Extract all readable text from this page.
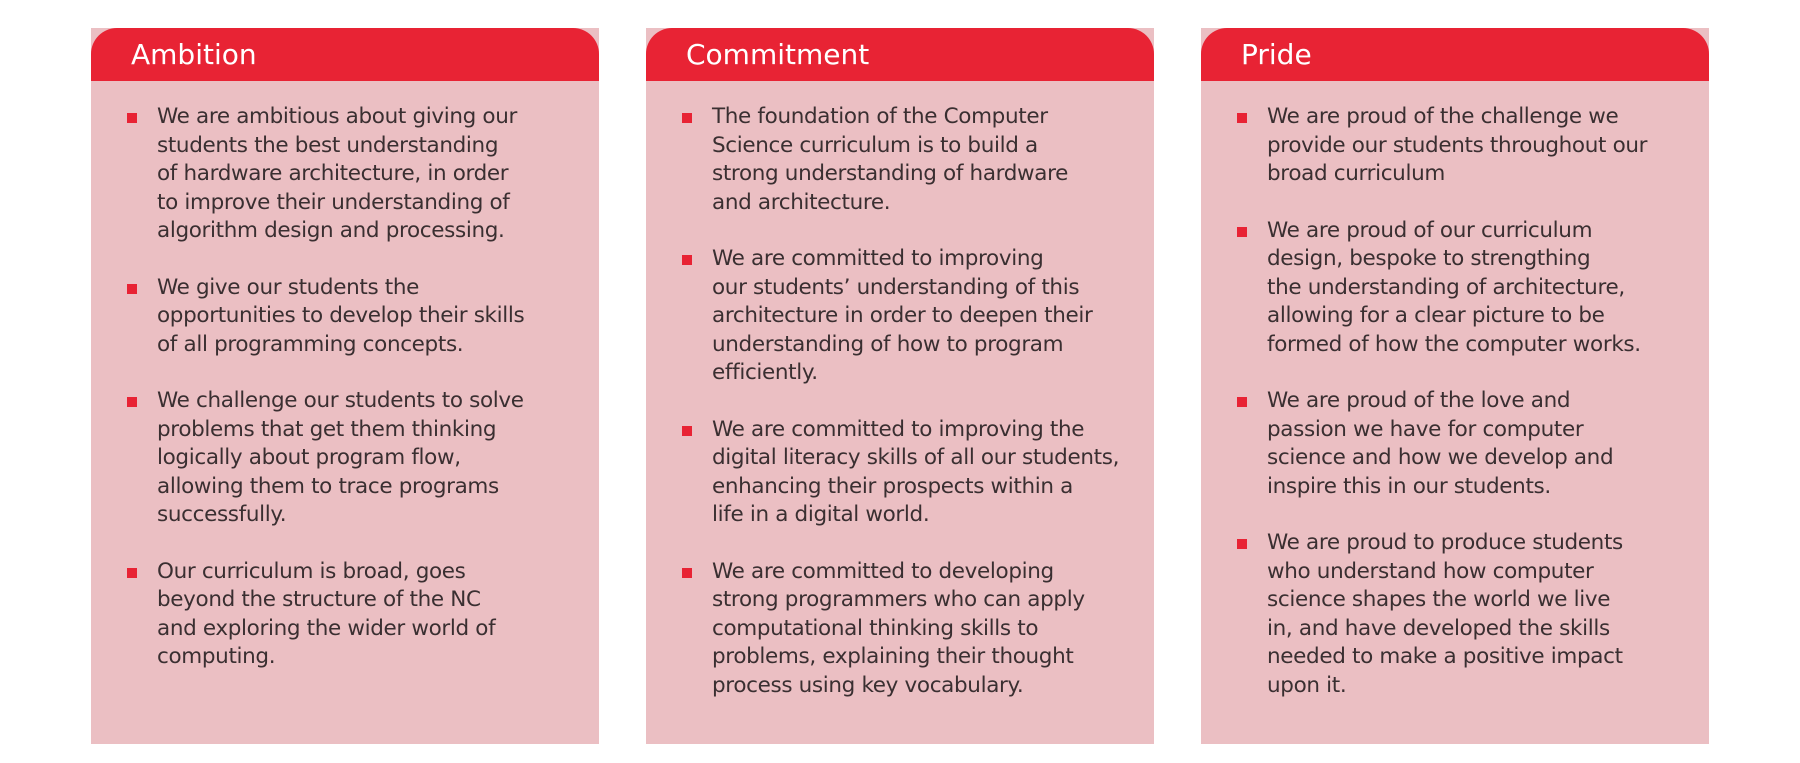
Ambition
We are ambitious about giving our
students the best understanding
of hardware architecture, in order
to improve their understanding of
algorithm design and processing.
We give our students the
opportunities to develop their skills
of all programming concepts.
We challenge our students to solve
problems that get them thinking
logically about program flow,
allowing them to trace programs
successfully.
Our curriculum is broad, goes
beyond the structure of the NC
and exploring the wider world of
computing.
Commitment
The foundation of the Computer
Science curriculum is to build a
strong understanding of hardware
and architecture.
We are committed to improving
our students’ understanding of this
architecture in order to deepen their
understanding of how to program
efficiently.
We are committed to improving the
digital literacy skills of all our students,
enhancing their prospects within a
life in a digital world.
We are committed to developing
strong programmers who can apply
computational thinking skills to
problems, explaining their thought
process using key vocabulary.
Pride
We are proud of the challenge we
provide our students throughout our
broad curriculum
We are proud of our curriculum
design, bespoke to strengthing
the understanding of architecture,
allowing for a clear picture to be
formed of how the computer works.
We are proud of the love and
passion we have for computer
science and how we develop and
inspire this in our students.
We are proud to produce students
who understand how computer
science shapes the world we live
in, and have developed the skills
needed to make a positive impact
upon it.
